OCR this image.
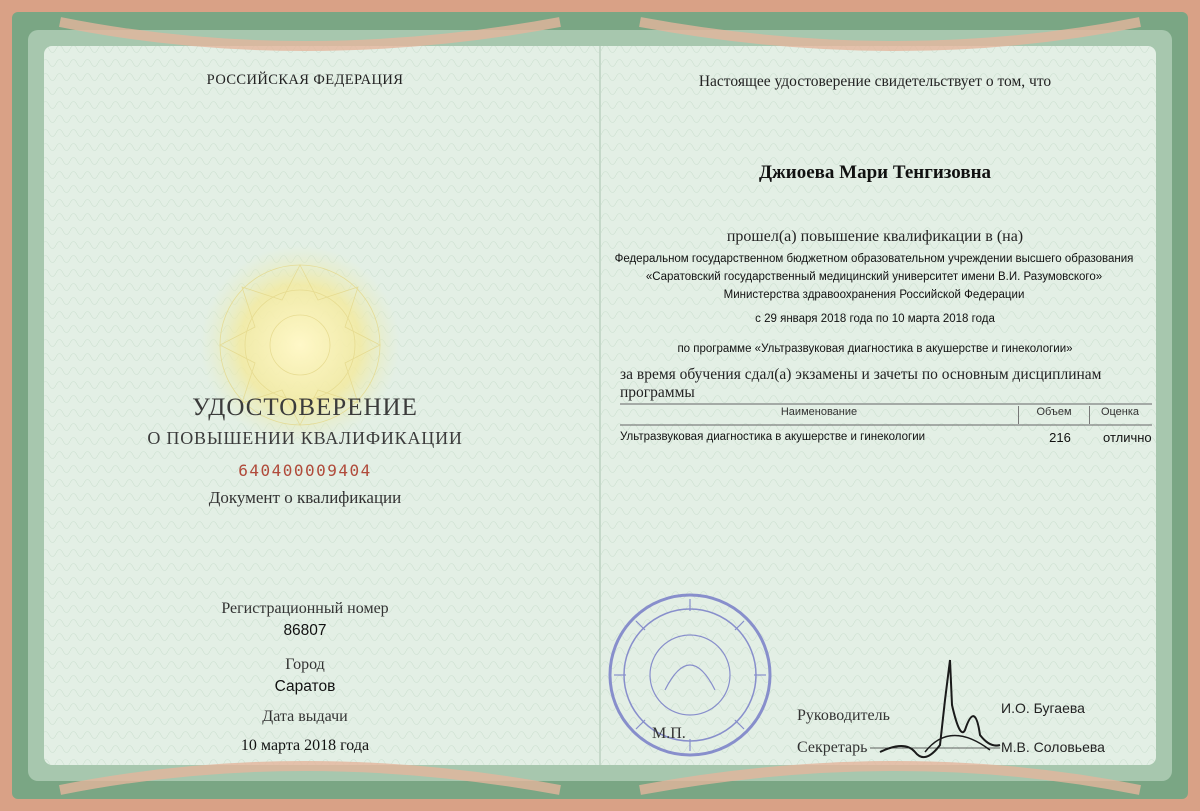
РОССИЙСКАЯ ФЕДЕРАЦИЯ
УДОСТОВЕРЕНИЕ
О ПОВЫШЕНИИ КВАЛИФИКАЦИИ
640400009404
Документ о квалификации
Регистрационный номер
86807
Город
Саратов
Дата выдачи
10 марта 2018 года
Настоящее удостоверение свидетельствует о том, что
Джиоева Мари Тенгизовна
прошел(а) повышение квалификации в (на)
Федеральном государственном бюджетном образовательном учреждении высшего образования «Саратовский государственный медицинский университет имени В.И. Разумовского» Министерства здравоохранения Российской Федерации
с 29 января 2018 года по 10 марта 2018 года
по программе «Ультразвуковая диагностика в акушерстве и гинекологии»
за время обучения сдал(а) экзамены и зачеты по основным дисциплинам программы
Наименование	Объем	Оценка
Ультразвуковая диагностика в акушерстве и гинекологии	216	отлично
М.П.
Руководитель	И.О. Бугаева
Секретарь	М.В. Соловьева
